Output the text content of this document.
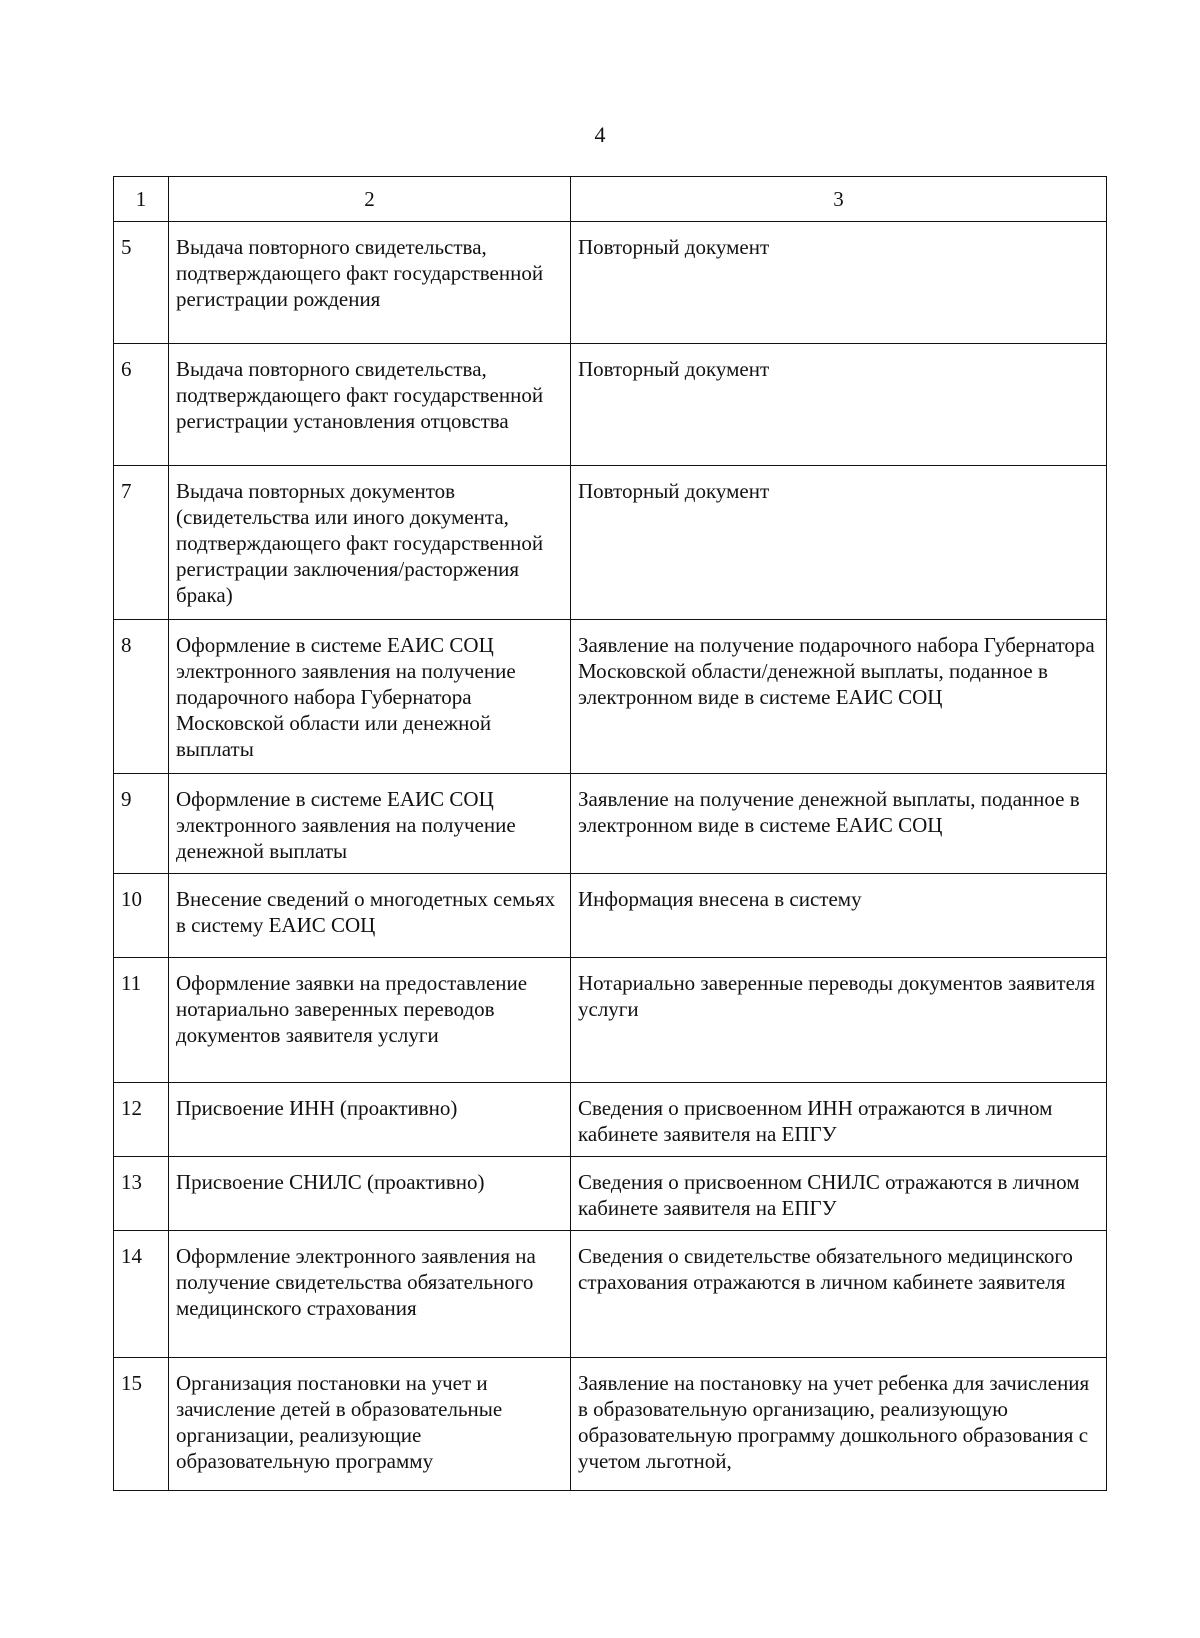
4
1	2	3
5	Выдача повторного свидетельства, подтверждающего факт государственной регистрации рождения	Повторный документ
6	Выдача повторного свидетельства, подтверждающего факт государственной регистрации установления отцовства	Повторный документ
7	Выдача повторных документов (свидетельства или иного документа, подтверждающего факт государственной регистрации заключения/расторжения брака)	Повторный документ
8	Оформление в системе ЕАИС СОЦ электронного заявления на получение подарочного набора Губернатора Московской области или денежной выплаты	Заявление на получение подарочного набора Губернатора Московской области/денежной выплаты, поданное в электронном виде в системе ЕАИС СОЦ
9	Оформление в системе ЕАИС СОЦ электронного заявления на получение денежной выплаты	Заявление на получение денежной выплаты, поданное в электронном виде в системе ЕАИС СОЦ
10	Внесение сведений о многодетных семьях в систему ЕАИС СОЦ	Информация внесена в систему
11	Оформление заявки на предоставление нотариально заверенных переводов документов заявителя услуги	Нотариально заверенные переводы документов заявителя услуги
12	Присвоение ИНН (проактивно)	Сведения о присвоенном ИНН отражаются в личном кабинете заявителя на ЕПГУ
13	Присвоение СНИЛС (проактивно)	Сведения о присвоенном СНИЛС отражаются в личном кабинете заявителя на ЕПГУ
14	Оформление электронного заявления на получение свидетельства обязательного медицинского страхования	Сведения о свидетельстве обязательного медицинского страхования отражаются в личном кабинете заявителя
15	Организация постановки на учет и зачисление детей в образовательные организации, реализующие образовательную программу	Заявление на постановку на учет ребенка для зачисления в образовательную организацию, реализующую образовательную программу дошкольного образования с учетом льготной,
